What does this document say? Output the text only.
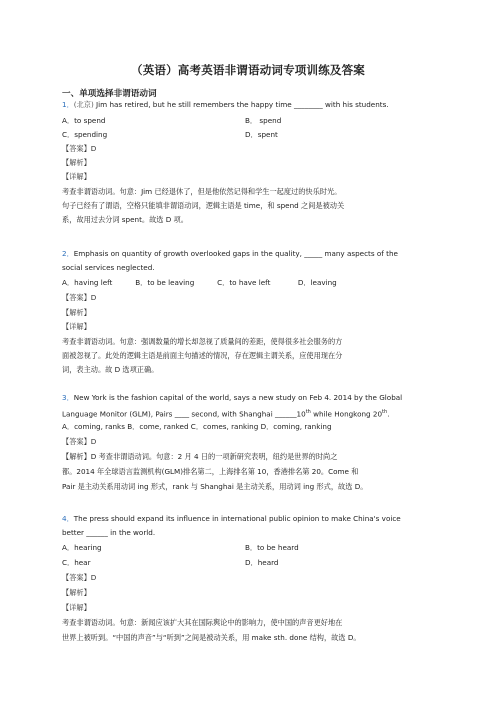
（英语）高考英语非谓语动词专项训练及答案
一、单项选择非谓语动词
1．(北京) Jim has retired, but he still remembers the happy time ________ with his students.
A．to spend	B． spend
C．spending	D．spent
【答案】D
【解析】
【详解】
考查非谓语动词。句意：Jim 已经退休了，但是他依然记得和学生一起度过的快乐时光。
句子已经有了谓语，空格只能填非谓语动词，逻辑主语是 time，和 spend 之间是被动关
系，故用过去分词 spent。故选 D 项。
2．Emphasis on quantity of growth overlooked gaps in the quality, _____ many aspects of the
social services neglected.
A．having left          B．to be leaving          C．to have left            D．leaving
【答案】D
【解析】
【详解】
考查非谓语动词。句意：强调数量的增长却忽视了质量间的差距，使得很多社会服务的方
面被忽视了。此处的逻辑主语是前面主句描述的情况，存在逻辑主谓关系，应使用现在分
词，表主动。故 D 选项正确。
3．New York is the fashion capital of the world, says a new study on Feb 4. 2014 by the Global
Language Monitor (GLM), Pairs ____ second, with Shanghai ______10th while Hongkong 20th.
A．coming, ranks B．come, ranked C．comes, ranking D．coming, ranking
【答案】D
【解析】D 考查非谓语动词。句意：2 月 4 日的一项新研究表明，纽约是世界的时尚之
都。2014 年全球语言监测机构(GLM)排名第二，上海排名第 10，香港排名第 20。Come 和
Pair 是主动关系用动词 ing 形式，rank 与 Shanghai 是主动关系，用动词 ing 形式，故选 D。
4．The press should expand its influence in international public opinion to make China's voice
better ______ in the world.
A．hearing	B．to be heard
C．hear	D．heard
【答案】D
【解析】
【详解】
考查非谓语动词。句意：新闻应该扩大其在国际舆论中的影响力，使中国的声音更好地在
世界上被听到。“中国的声音”与“听到”之间是被动关系，用 make sth. done 结构，故选 D。
